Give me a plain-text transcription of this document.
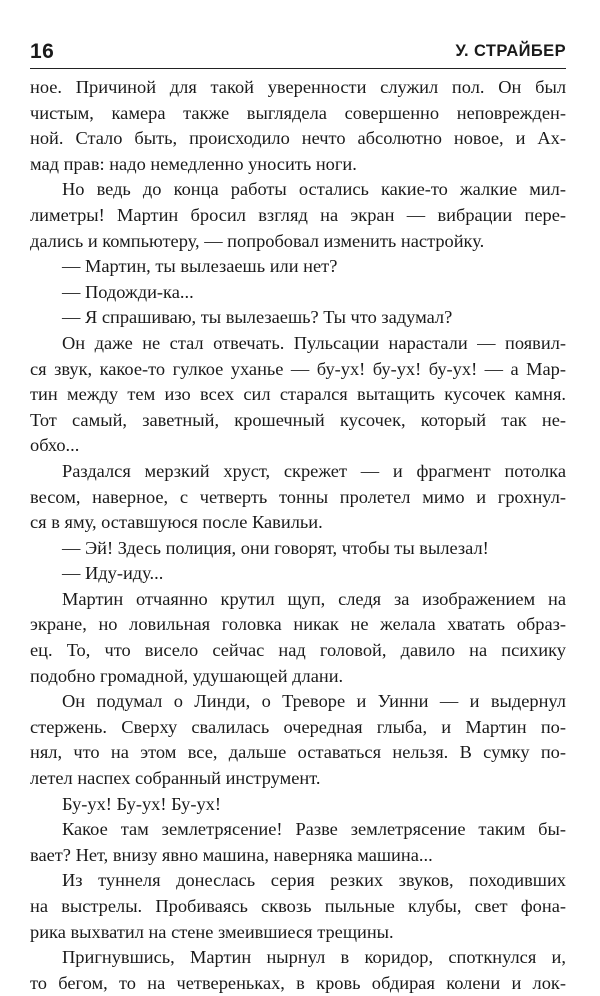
16	У. СТРАЙБЕР
ное. Причиной для такой уверенности служил пол. Он был
чистым, камера также выглядела совершенно неповрежден-
ной. Стало быть, происходило нечто абсолютно новое, и Ах-
мад прав: надо немедленно уносить ноги.
Но ведь до конца работы остались какие-то жалкие мил-
лиметры! Мартин бросил взгляд на экран — вибрации пере-
дались и компьютеру, — попробовал изменить настройку.
— Мартин, ты вылезаешь или нет?
— Подожди-ка...
— Я спрашиваю, ты вылезаешь? Ты что задумал?
Он даже не стал отвечать. Пульсации нарастали — появил-
ся звук, какое-то гулкое уханье — бу-ух! бу-ух! бу-ух! — а Мар-
тин между тем изо всех сил старался вытащить кусочек камня.
Тот самый, заветный, крошечный кусочек, который так не-
обхо...
Раздался мерзкий хруст, скрежет — и фрагмент потолка
весом, наверное, с четверть тонны пролетел мимо и грохнул-
ся в яму, оставшуюся после Кавильи.
— Эй! Здесь полиция, они говорят, чтобы ты вылезал!
— Иду-иду...
Мартин отчаянно крутил щуп, следя за изображением на
экране, но ловильная головка никак не желала хватать образ-
ец. То, что висело сейчас над головой, давило на психику
подобно громадной, удушающей длани.
Он подумал о Линди, о Треворе и Уинни — и выдернул
стержень. Сверху свалилась очередная глыба, и Мартин по-
нял, что на этом все, дальше оставаться нельзя. В сумку по-
летел наспех собранный инструмент.
Бу-ух! Бу-ух! Бу-ух!
Какое там землетрясение! Разве землетрясение таким бы-
вает? Нет, внизу явно машина, наверняка машина...
Из туннеля донеслась серия резких звуков, походивших
на выстрелы. Пробиваясь сквозь пыльные клубы, свет фона-
рика выхватил на стене змеившиеся трещины.
Пригнувшись, Мартин нырнул в коридор, споткнулся и,
то бегом, то на четвереньках, в кровь обдирая колени и лок-
